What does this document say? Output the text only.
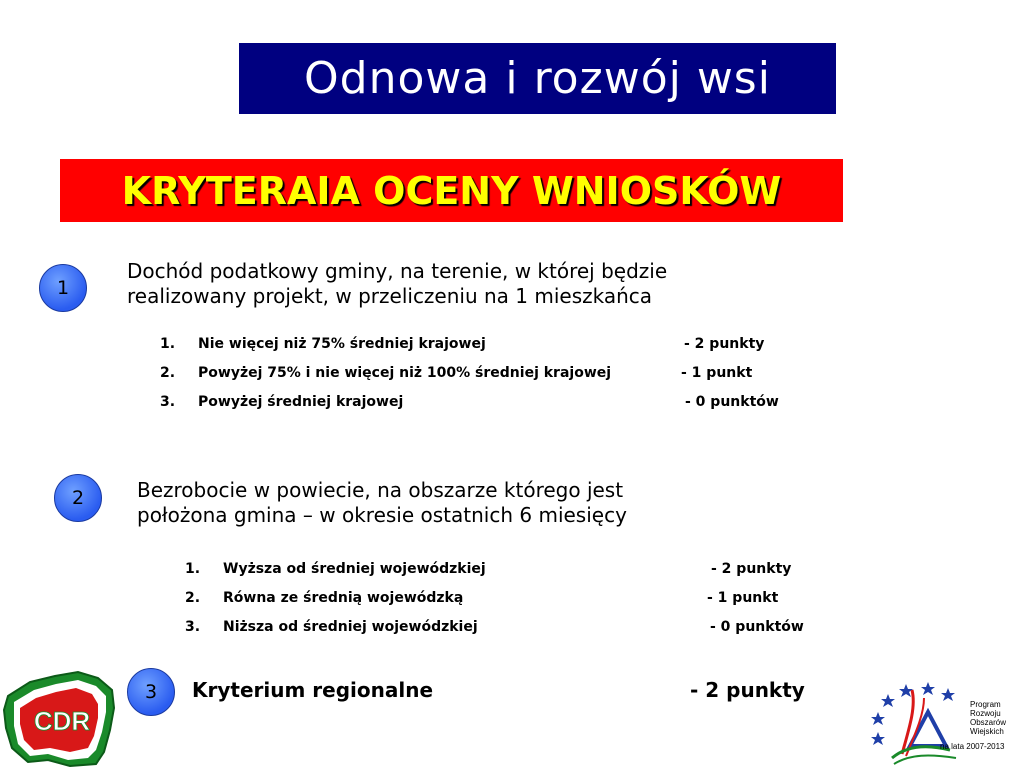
Odnowa i rozwój wsi
KRYTERAIA OCENY WNIOSKÓW
1
Dochód podatkowy gminy, na terenie, w której będzie
realizowany projekt, w przeliczeniu na 1 mieszkańca
1. Nie więcej niż 75% średniej krajowej	- 2 punkty
2. Powyżej 75% i nie więcej niż 100% średniej krajowej	- 1 punkt
3. Powyżej średniej krajowej	- 0 punktów
2	Bezrobocie w powiecie, na obszarze którego jest
położona gmina – w okresie ostatnich 6 miesięcy
1. Wyższa od średniej wojewódzkiej	- 2 punkty
2. Równa ze średnią wojewódzką	- 1 punkt
3. Niższa od średniej wojewódzkiej	- 0 punktów
3 Kryterium regionalne	- 2 punkty
CDR
Program
Rozwoju
Obszarów
Wiejskich
na lata 2007-2013
